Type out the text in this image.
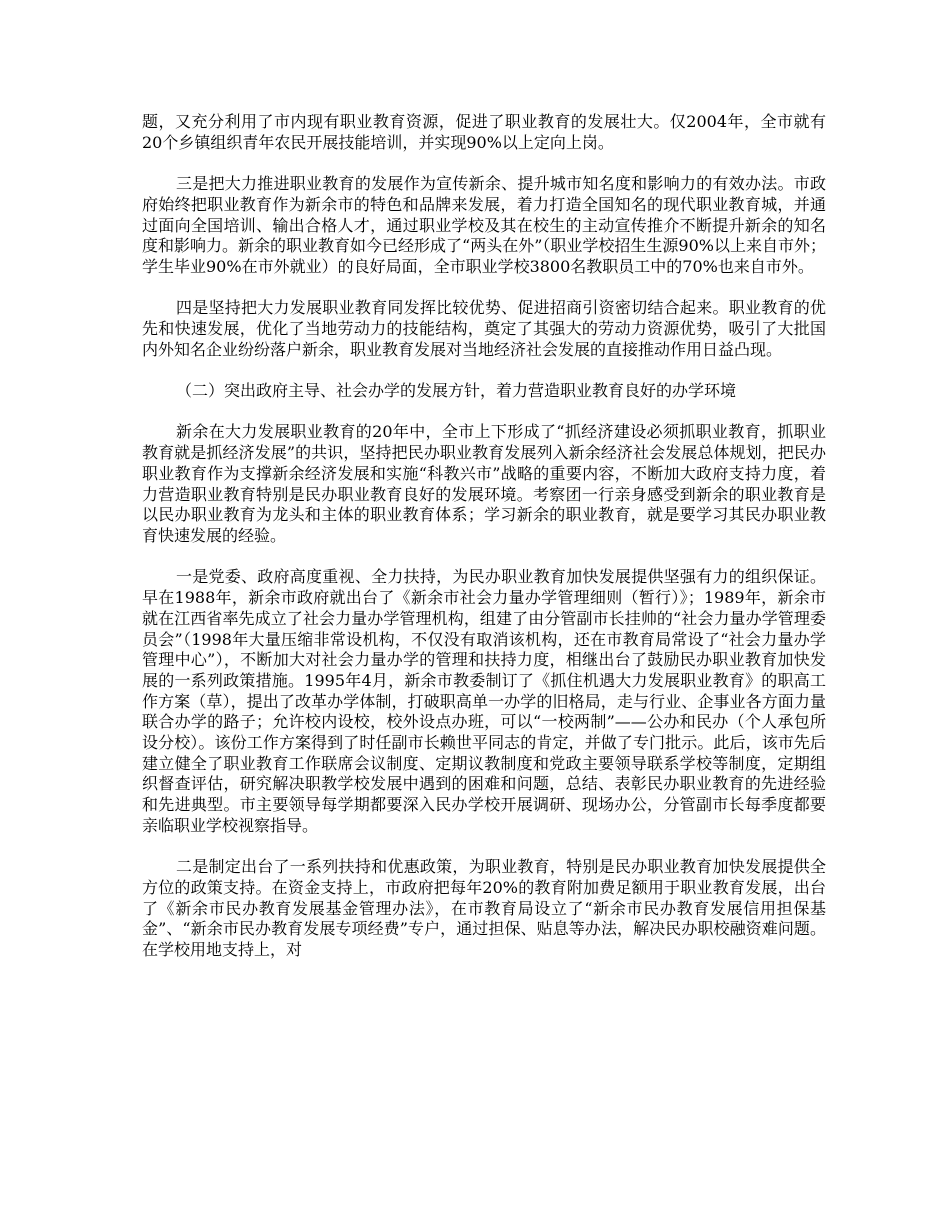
题，又充分利用了市内现有职业教育资源，促进了职业教育的发展壮大。仅2004年，全市就有20个乡镇组织青年农民开展技能培训，并实现90%以上定向上岗。

三是把大力推进职业教育的发展作为宣传新余、提升城市知名度和影响力的有效办法。市政府始终把职业教育作为新余市的特色和品牌来发展，着力打造全国知名的现代职业教育城，并通过面向全国培训、输出合格人才，通过职业学校及其在校生的主动宣传推介不断提升新余的知名度和影响力。新余的职业教育如今已经形成了“两头在外”（职业学校招生生源90%以上来自市外；学生毕业90%在市外就业）的良好局面，全市职业学校3800名教职员工中的70%也来自市外。

四是坚持把大力发展职业教育同发挥比较优势、促进招商引资密切结合起来。职业教育的优先和快速发展，优化了当地劳动力的技能结构，奠定了其强大的劳动力资源优势，吸引了大批国内外知名企业纷纷落户新余，职业教育发展对当地经济社会发展的直接推动作用日益凸现。

（二）突出政府主导、社会办学的发展方针，着力营造职业教育良好的办学环境

新余在大力发展职业教育的20年中，全市上下形成了“抓经济建设必须抓职业教育，抓职业教育就是抓经济发展”的共识，坚持把民办职业教育发展列入新余经济社会发展总体规划，把民办职业教育作为支撑新余经济发展和实施“科教兴市”战略的重要内容，不断加大政府支持力度，着力营造职业教育特别是民办职业教育良好的发展环境。考察团一行亲身感受到新余的职业教育是以民办职业教育为龙头和主体的职业教育体系；学习新余的职业教育，就是要学习其民办职业教育快速发展的经验。

一是党委、政府高度重视、全力扶持，为民办职业教育加快发展提供坚强有力的组织保证。早在1988年，新余市政府就出台了《新余市社会力量办学管理细则（暂行）》；1989年，新余市就在江西省率先成立了社会力量办学管理机构，组建了由分管副市长挂帅的“社会力量办学管理委员会”（1998年大量压缩非常设机构，不仅没有取消该机构，还在市教育局常设了“社会力量办学管理中心”），不断加大对社会力量办学的管理和扶持力度，相继出台了鼓励民办职业教育加快发展的一系列政策措施。1995年4月，新余市教委制订了《抓住机遇大力发展职业教育》的职高工作方案（草），提出了改革办学体制，打破职高单一办学的旧格局，走与行业、企事业各方面力量联合办学的路子；允许校内设校，校外设点办班，可以“一校两制”——公办和民办（个人承包所设分校）。该份工作方案得到了时任副市长赖世平同志的肯定，并做了专门批示。此后，该市先后建立健全了职业教育工作联席会议制度、定期议教制度和党政主要领导联系学校等制度，定期组织督查评估，研究解决职教学校发展中遇到的困难和问题，总结、表彰民办职业教育的先进经验和先进典型。市主要领导每学期都要深入民办学校开展调研、现场办公，分管副市长每季度都要亲临职业学校视察指导。

二是制定出台了一系列扶持和优惠政策，为职业教育，特别是民办职业教育加快发展提供全方位的政策支持。在资金支持上，市政府把每年20%的教育附加费足额用于职业教育发展，出台了《新余市民办教育发展基金管理办法》，在市教育局设立了“新余市民办教育发展信用担保基金”、“新余市民办教育发展专项经费”专户，通过担保、贴息等办法，解决民办职校融资难问题。在学校用地支持上，对
